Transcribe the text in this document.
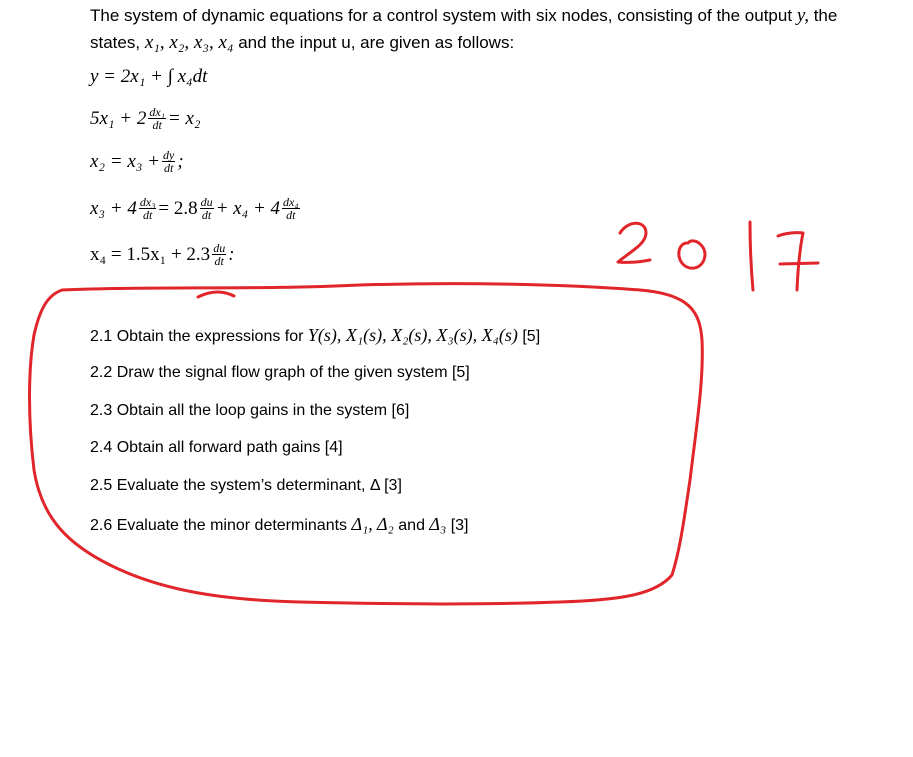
The system of dynamic equations for a control system with six nodes, consisting of the output y, the
states, x₁, x₂, x₃, x₄ and the input u, are given as follows:
y = 2x₁ + ∫ x₄dt
$5x_1 + 2 \frac{\text{dx₁}}{dt} = x_2$
$x_2 = x_3 + \frac{dy}{dt}$ ;
$x_3 + 4 \frac{\text{dx₃}}{dt} = 2.8 \frac{du}{dt} + x_4 + 4 \frac{\text{dx₄}}{dt}$
$x_4 = 1.5x_1 + 2.3 \frac{du}{dt}$ :
2.1 Obtain the expressions for Y(s), X₁(s), X₂(s), X₃(s), X₄(s) [5]
2.2 Draw the signal flow graph of the given system [5]
2.3 Obtain all the loop gains in the system [6]
2.4 Obtain all forward path gains [4]
2.5 Evaluate the system’s determinant, Δ [3]
2.6 Evaluate the minor determinants Δ₁, Δ₂ and Δ₃ [3]
